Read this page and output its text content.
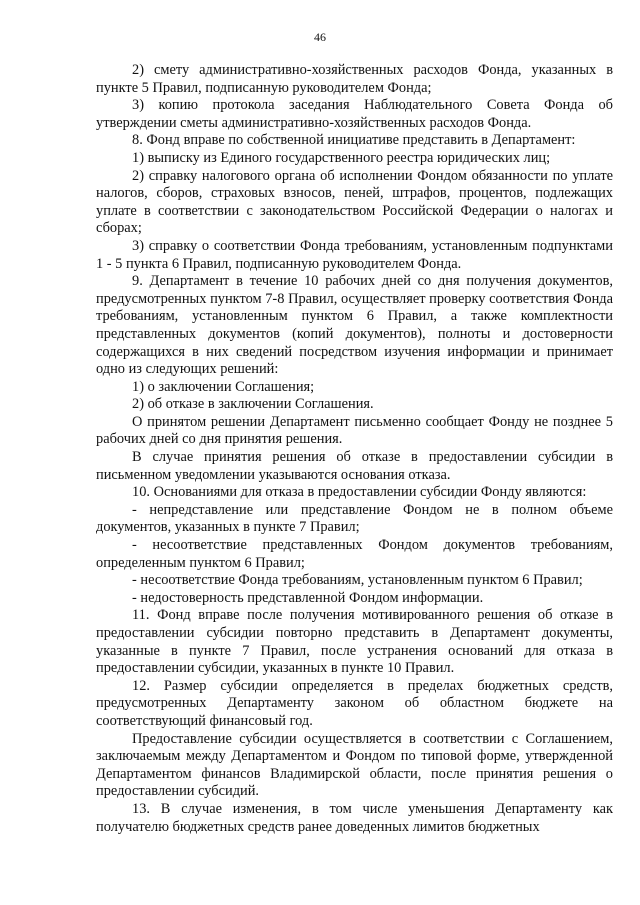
46

2) смету административно-хозяйственных расходов Фонда, указанных в пункте 5 Правил, подписанную руководителем Фонда;

3) копию протокола заседания Наблюдательного Совета Фонда об утверждении сметы административно-хозяйственных расходов Фонда.

8. Фонд вправе по собственной инициативе представить в Департамент:

1) выписку из Единого государственного реестра юридических лиц;

2) справку налогового органа об исполнении Фондом обязанности по уплате налогов, сборов, страховых взносов, пеней, штрафов, процентов, подлежащих уплате в соответствии с законодательством Российской Федерации о налогах и сборах;

3) справку о соответствии Фонда требованиям, установленным подпунктами 1 - 5 пункта 6 Правил, подписанную руководителем Фонда.

9. Департамент в течение 10 рабочих дней со дня получения документов, предусмотренных пунктом 7-8 Правил, осуществляет проверку соответствия Фонда требованиям, установленным пунктом 6 Правил, а также комплектности представленных документов (копий документов), полноты и достоверности содержащихся в них сведений посредством изучения информации и принимает одно из следующих решений:

1) о заключении Соглашения;

2) об отказе в заключении Соглашения.

О принятом решении Департамент письменно сообщает Фонду не позднее 5 рабочих дней со дня принятия решения.

В случае принятия решения об отказе в предоставлении субсидии в письменном уведомлении указываются основания отказа.

10. Основаниями для отказа в предоставлении субсидии Фонду являются:

- непредставление или представление Фондом не в полном объеме документов, указанных в пункте 7 Правил;

- несоответствие представленных Фондом документов требованиям, определенным пунктом 6 Правил;

- несоответствие Фонда требованиям, установленным пунктом 6 Правил;

- недостоверность представленной Фондом информации.

11. Фонд вправе после получения мотивированного решения об отказе в предоставлении субсидии повторно представить в Департамент документы, указанные в пункте 7 Правил, после устранения оснований для отказа в предоставлении субсидии, указанных в пункте 10 Правил.

12. Размер субсидии определяется в пределах бюджетных средств, предусмотренных Департаменту законом об областном бюджете на соответствующий финансовый год.

Предоставление субсидии осуществляется в соответствии с Соглашением, заключаемым между Департаментом и Фондом по типовой форме, утвержденной Департаментом финансов Владимирской области, после принятия решения о предоставлении субсидий.

13. В случае изменения, в том числе уменьшения Департаменту как получателю бюджетных средств ранее доведенных лимитов бюджетных
